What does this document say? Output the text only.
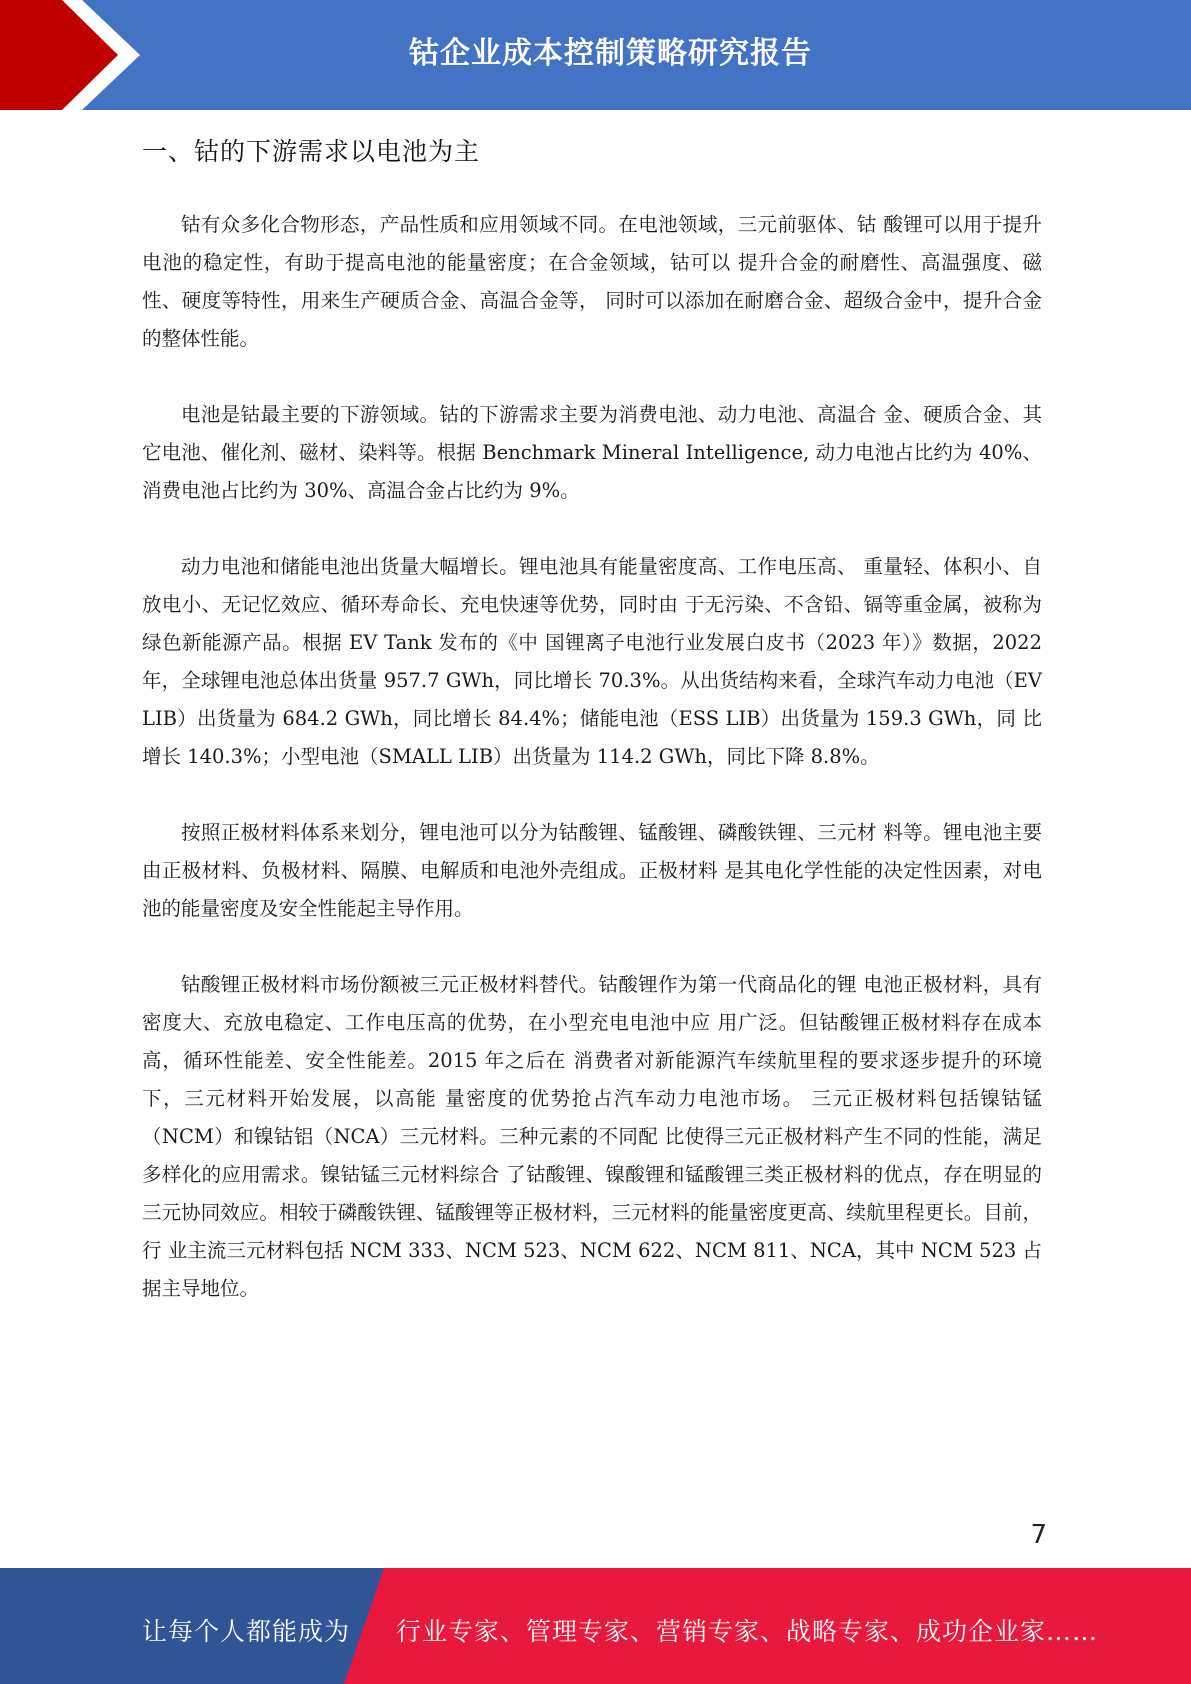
钴企业成本控制策略研究报告
一、钴的下游需求以电池为主

钴有众多化合物形态，产品性质和应用领域不同。在电池领域，三元前驱体、钴 酸锂可以用于提升电池的稳定性，有助于提高电池的能量密度；在合金领域，钴可以 提升合金的耐磨性、高温强度、磁性、硬度等特性，用来生产硬质合金、高温合金等， 同时可以添加在耐磨合金、超级合金中，提升合金的整体性能。

电池是钴最主要的下游领域。钴的下游需求主要为消费电池、动力电池、高温合 金、硬质合金、其它电池、催化剂、磁材、染料等。根据 Benchmark Mineral Intelligence, 动力电池占比约为 40%、消费电池占比约为 30%、高温合金占比约为 9%。

动力电池和储能电池出货量大幅增长。锂电池具有能量密度高、工作电压高、 重量轻、体积小、自放电小、无记忆效应、循环寿命长、充电快速等优势，同时由 于无污染、不含铅、镉等重金属，被称为绿色新能源产品。根据 EV Tank 发布的《中 国锂离子电池行业发展白皮书（2023 年）》数据，2022 年，全球锂电池总体出货量 957.7 GWh，同比增长 70.3%。从出货结构来看，全球汽车动力电池（EV LIB）出货量为 684.2 GWh，同比增长 84.4%；储能电池（ESS LIB）出货量为 159.3 GWh，同 比增长 140.3%；小型电池（SMALL LIB）出货量为 114.2 GWh，同比下降 8.8%。

按照正极材料体系来划分，锂电池可以分为钴酸锂、锰酸锂、磷酸铁锂、三元材 料等。锂电池主要由正极材料、负极材料、隔膜、电解质和电池外壳组成。正极材料 是其电化学性能的决定性因素，对电池的能量密度及安全性能起主导作用。

钴酸锂正极材料市场份额被三元正极材料替代。钴酸锂作为第一代商品化的锂 电池正极材料，具有密度大、充放电稳定、工作电压高的优势，在小型充电电池中应 用广泛。但钴酸锂正极材料存在成本高，循环性能差、安全性能差。2015 年之后在 消费者对新能源汽车续航里程的要求逐步提升的环境下，三元材料开始发展，以高能 量密度的优势抢占汽车动力电池市场。 三元正极材料包括镍钴锰（NCM）和镍钴铝（NCA）三元材料。三种元素的不同配 比使得三元正极材料产生不同的性能，满足多样化的应用需求。镍钴锰三元材料综合 了钴酸锂、镍酸锂和锰酸锂三类正极材料的优点，存在明显的三元协同效应。相较于磷酸铁锂、锰酸锂等正极材料，三元材料的能量密度更高、续航里程更长。目前，行 业主流三元材料包括 NCM 333、NCM 523、NCM 622、NCM 811、NCA，其中 NCM 523 占 据主导地位。

7
让每个人都能成为 行业专家、管理专家、营销专家、战略专家、成功企业家……
